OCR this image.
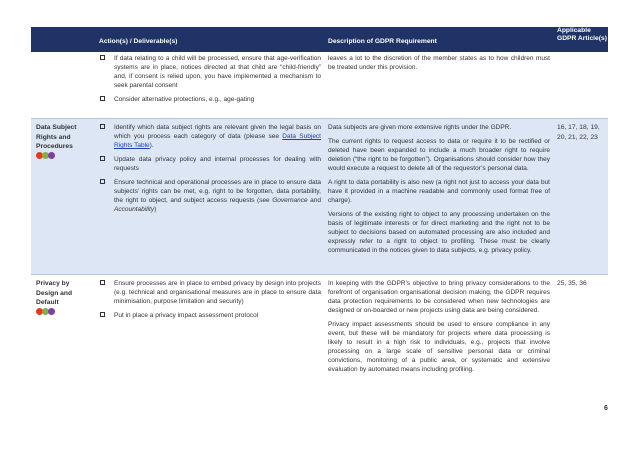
Action(s) / Deliverable(s)	Description of GDPR Requirement
Applicable GDPR Article(s)
If data relating to a child will be processed, ensure that age-verification systems are in place, notices directed at that child are “child-friendly” and, if consent is relied upon, you have implemented a mechanism to seek parental consent
Consider alternative protections, e.g., age-gating
leaves a lot to the discretion of the member states as to how children must be treated under this provision.
Data Subject Rights and Procedures
Identify which data subject rights are relevant given the legal basis on which you process each category of data (please see Data Subject Rights Table).
Update data privacy policy and internal processes for dealing with requests
Ensure technical and operational processes are in place to ensure data subjects’ rights can be met, e.g. right to be forgotten, data portability, the right to object, and subject access requests (see Governance and Accountability)
Data subjects are given more extensive rights under the GDPR.
The current rights to request access to data or require it to be rectified or deleted have been expanded to include a much broader right to require deletion (“the right to be forgotten”). Organisations should consider how they would execute a request to delete all of the requestor’s personal data.
A right to data portability is also new (a right not just to access your data but have it provided in a machine readable and commonly used format free of charge).
Versions of the existing right to object to any processing undertaken on the basis of legitimate interests or for direct marketing and the right not to be subject to decisions based on automated processing are also included and expressly refer to a right to object to profiling. These must be clearly communicated in the notices given to data subjects, e.g. privacy policy.
16, 17, 18, 19, 20, 21, 22, 23
Privacy by Design and Default
Ensure processes are in place to embed privacy by design into projects (e.g. technical and organisational measures are in place to ensure data minimisation, purpose limitation and security)
Put in place a privacy impact assessment protocol
In keeping with the GDPR’s objective to bring privacy considerations to the forefront of organisation organisational decision making, the GDPR requires data protection requirements to be considered when new technologies are designed or on-boarded or new projects using data are being considered.
Privacy impact assessments should be used to ensure compliance in any event, but these will be mandatory for projects where data processing is likely to result in a high risk to individuals, e.g., projects that involve processing on a large scale of sensitive personal data or criminal convictions, monitoring of a public area, or systematic and extensive evaluation by automated means including profiling.
25, 35, 36
6
